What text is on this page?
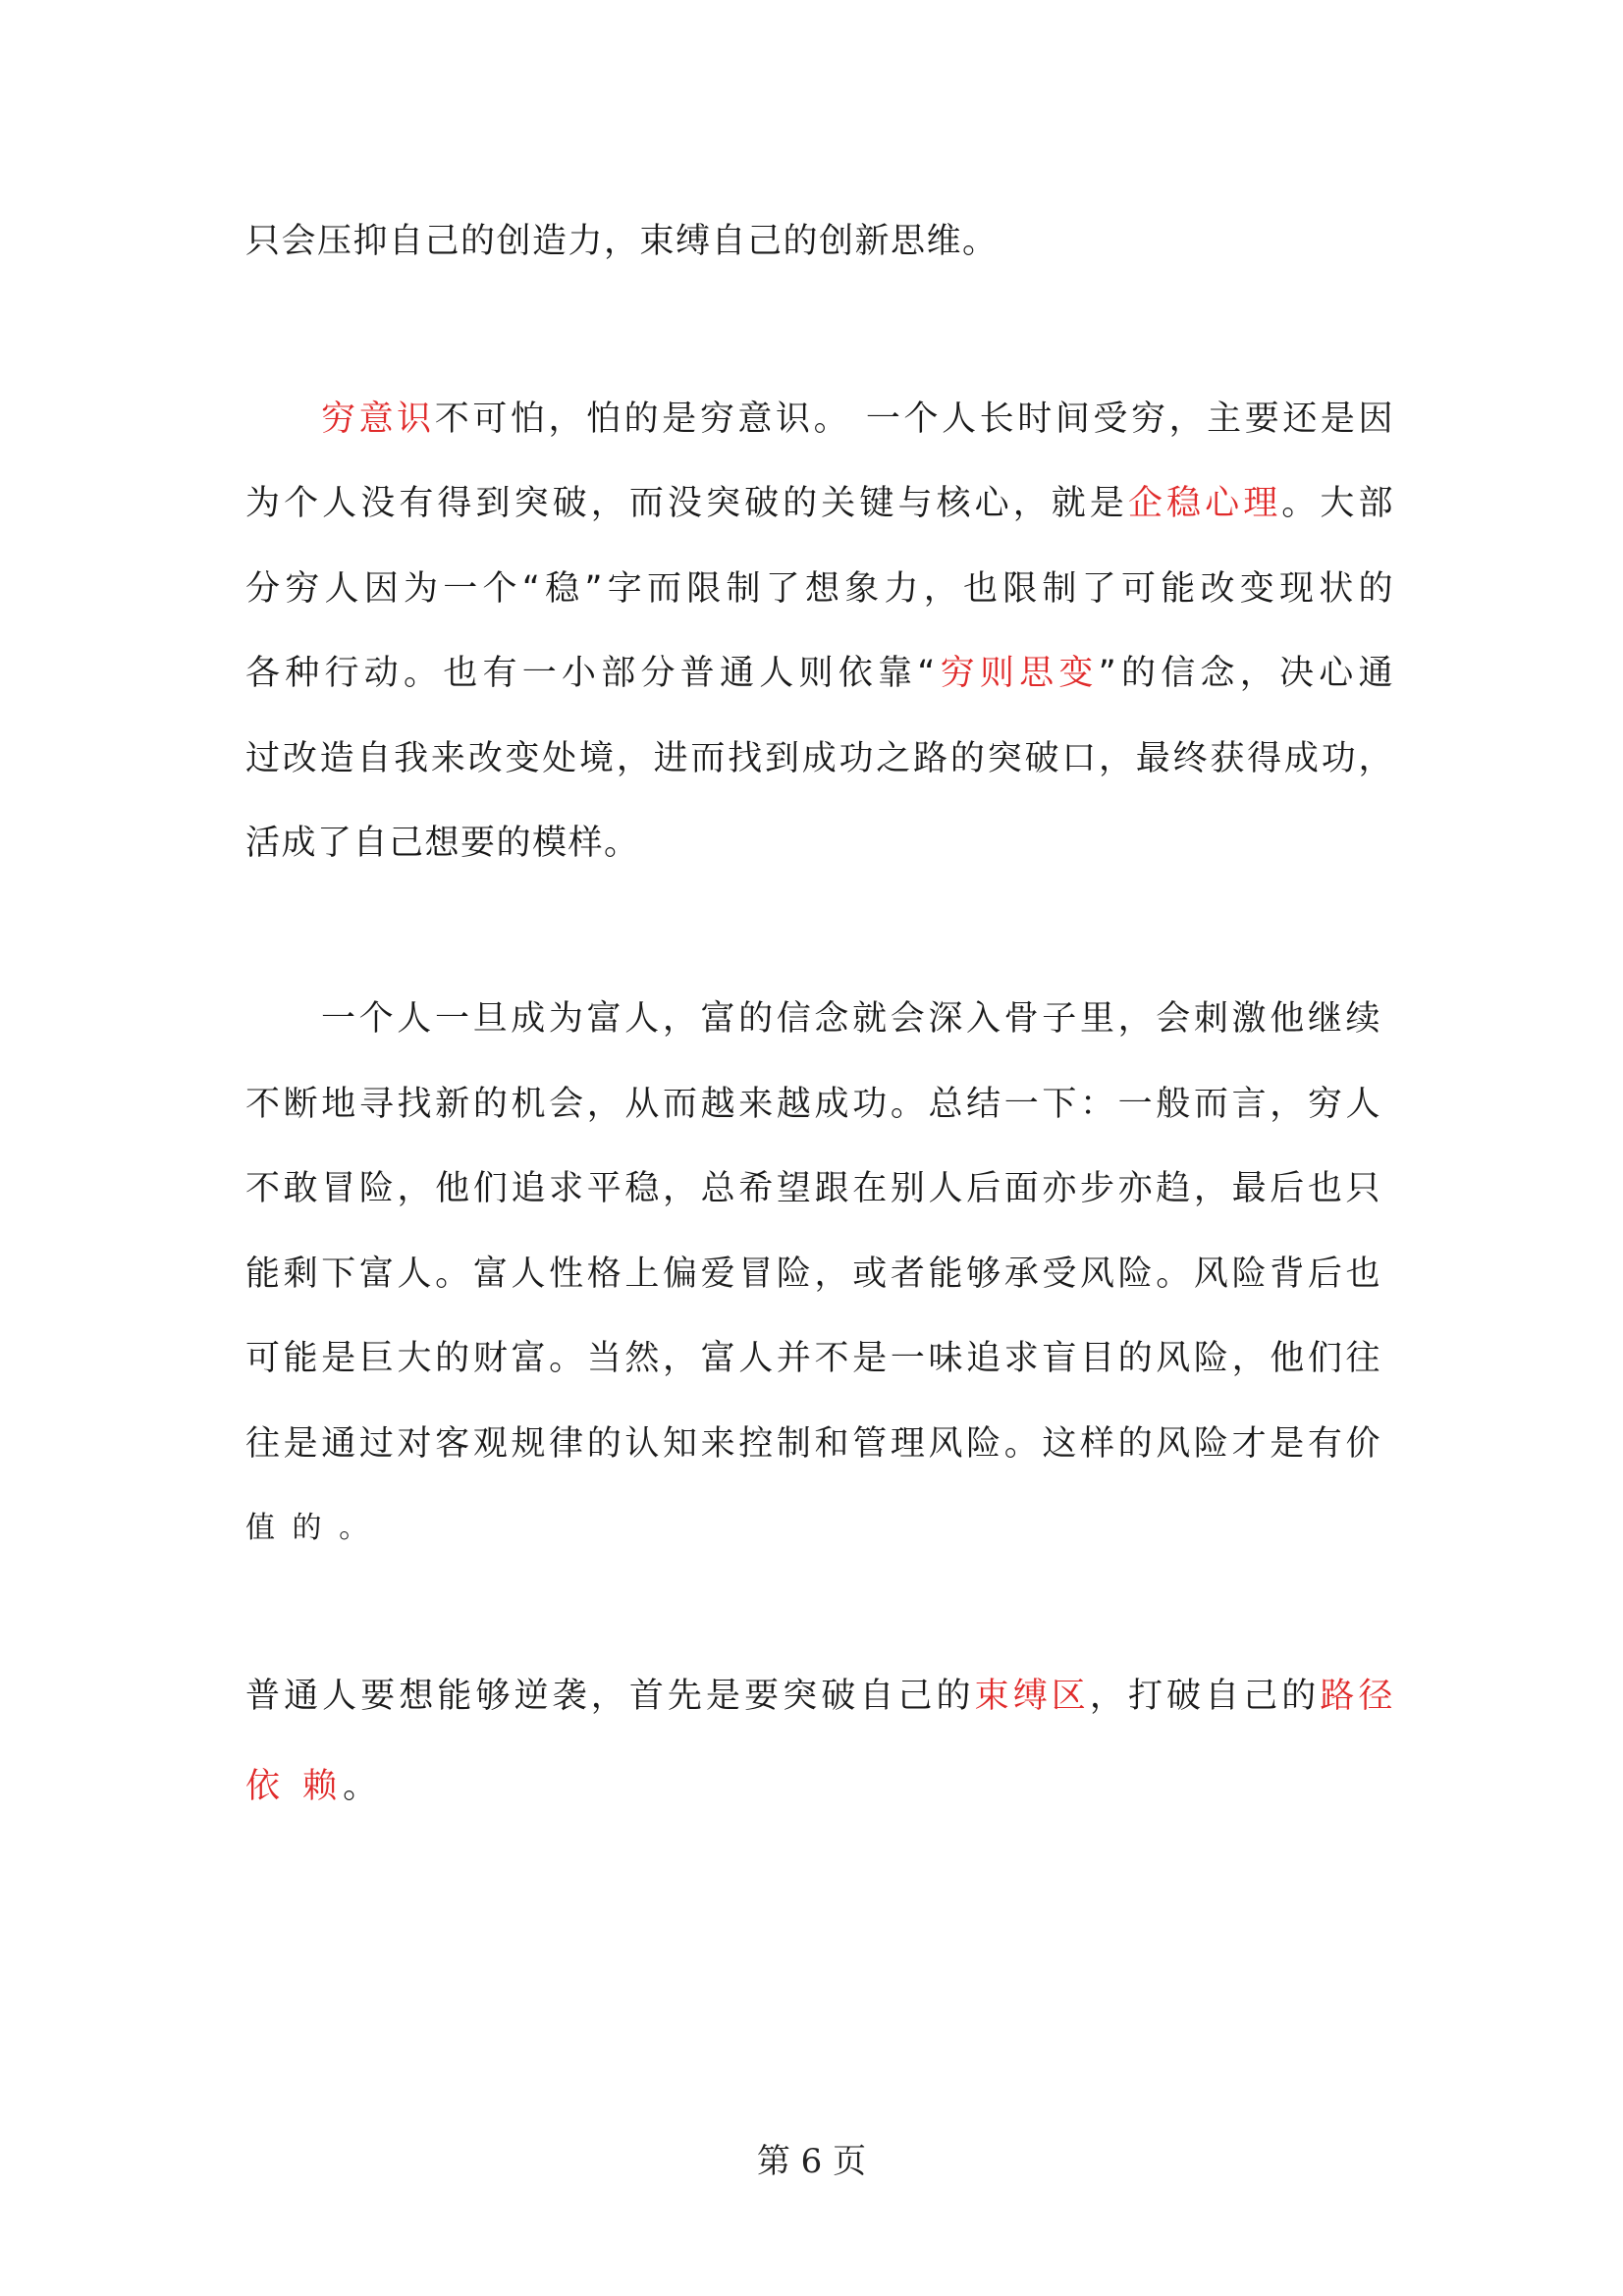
只会压抑自己的创造力，束缚自己的创新思维。
穷意识不可怕，怕的是穷意识。 一个人长时间受穷，主要还是因
为个人没有得到突破，而没突破的关键与核心，就是企稳心理。大部
分穷人因为一个“稳”字而限制了想象力，也限制了可能改变现状的
各种行动。也有一小部分普通人则依靠“穷则思变”的信念，决心通
过改造自我来改变处境，进而找到成功之路的突破口，最终获得成功，
活成了自己想要的模样。
一个人一旦成为富人，富的信念就会深入骨子里，会刺激他继续
不断地寻找新的机会，从而越来越成功。总结一下：一般而言，穷人
不敢冒险，他们追求平稳，总希望跟在别人后面亦步亦趋，最后也只
能剩下富人。富人性格上偏爱冒险，或者能够承受风险。风险背后也
可能是巨大的财富。当然，富人并不是一味追求盲目的风险，他们往
往是通过对客观规律的认知来控制和管理风险。这样的风险才是有价
值 的 。
普通人要想能够逆袭，首先是要突破自己的束缚区，打破自己的路径
依 赖。
第 6 页
